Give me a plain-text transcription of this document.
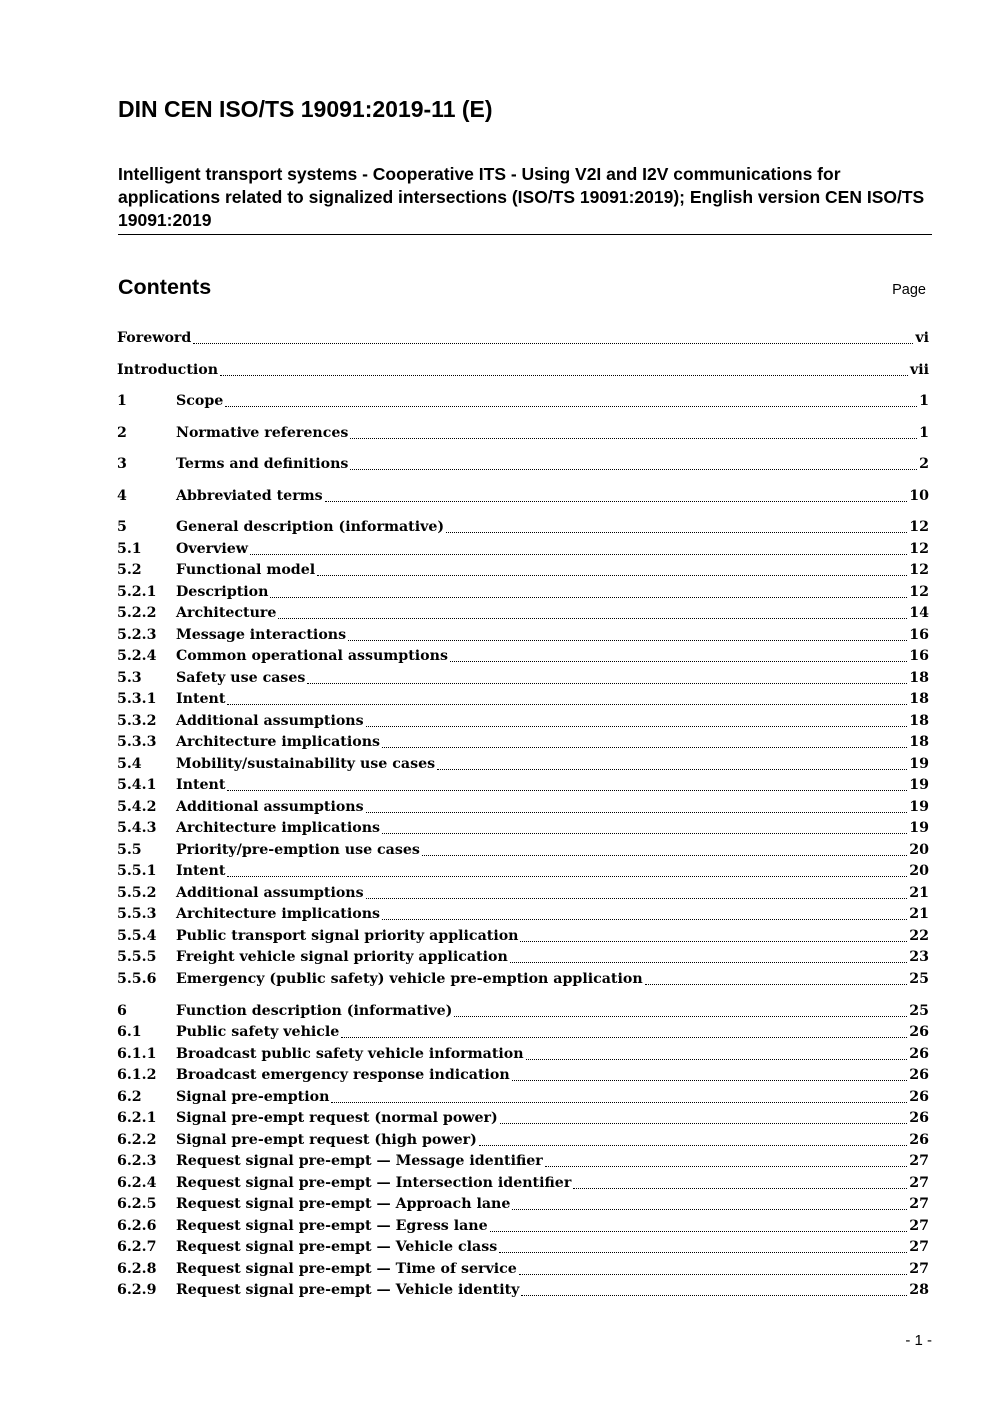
DIN CEN ISO/TS 19091:2019-11 (E)
Intelligent transport systems - Cooperative ITS - Using V2I and I2V communications for applications related to signalized intersections (ISO/TS 19091:2019); English version CEN ISO/TS 19091:2019
Contents	Page
Foreword	vi
Introduction	vii
1	Scope	1
2	Normative references	1
3	Terms and definitions	2
4	Abbreviated terms	10
5	General description (informative)	12
5.1	Overview	12
5.2	Functional model	12
5.2.1	Description	12
5.2.2	Architecture	14
5.2.3	Message interactions	16
5.2.4	Common operational assumptions	16
5.3	Safety use cases	18
5.3.1	Intent	18
5.3.2	Additional assumptions	18
5.3.3	Architecture implications	18
5.4	Mobility/sustainability use cases	19
5.4.1	Intent	19
5.4.2	Additional assumptions	19
5.4.3	Architecture implications	19
5.5	Priority/pre-emption use cases	20
5.5.1	Intent	20
5.5.2	Additional assumptions	21
5.5.3	Architecture implications	21
5.5.4	Public transport signal priority application	22
5.5.5	Freight vehicle signal priority application	23
5.5.6	Emergency (public safety) vehicle pre-emption application	25
6	Function description (informative)	25
6.1	Public safety vehicle	26
6.1.1	Broadcast public safety vehicle information	26
6.1.2	Broadcast emergency response indication	26
6.2	Signal pre-emption	26
6.2.1	Signal pre-empt request (normal power)	26
6.2.2	Signal pre-empt request (high power)	26
6.2.3	Request signal pre-empt — Message identifier	27
6.2.4	Request signal pre-empt — Intersection identifier	27
6.2.5	Request signal pre-empt — Approach lane	27
6.2.6	Request signal pre-empt — Egress lane	27
6.2.7	Request signal pre-empt — Vehicle class	27
6.2.8	Request signal pre-empt — Time of service	27
6.2.9	Request signal pre-empt — Vehicle identity	28
- 1 -
